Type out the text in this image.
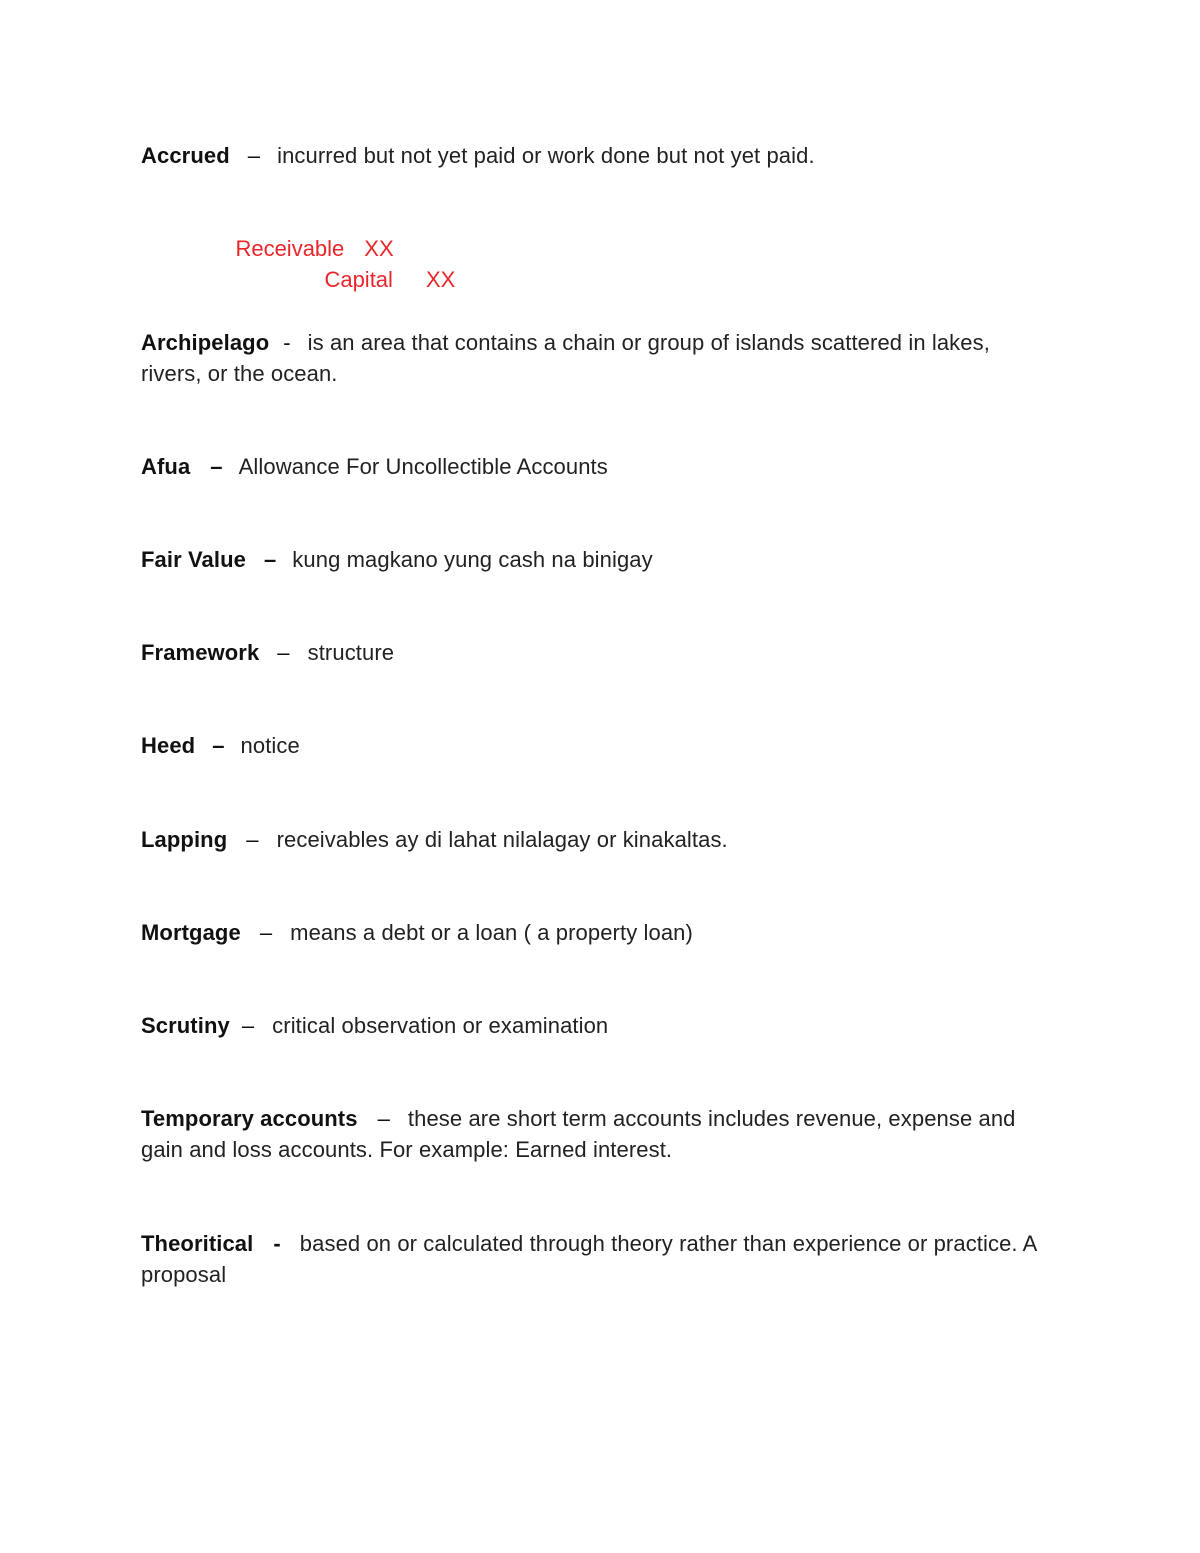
Accrued – incurred but not yet paid or work done but not yet paid.

Receivable XX

Capital XX

Archipelago - is an area that contains a chain or group of islands scattered in lakes, rivers, or the ocean.
Afua – Allowance For Uncollectible Accounts
Fair Value – kung magkano yung cash na binigay
Framework – structure
Heed – notice
Lapping – receivables ay di lahat nilalagay or kinakaltas.
Mortgage – means a debt or a loan ( a property loan)
Scrutiny – critical observation or examination
Temporary accounts – these are short term accounts includes revenue, expense and gain and loss accounts. For example: Earned interest.
Theoritical - based on or calculated through theory rather than experience or practice. A proposal
